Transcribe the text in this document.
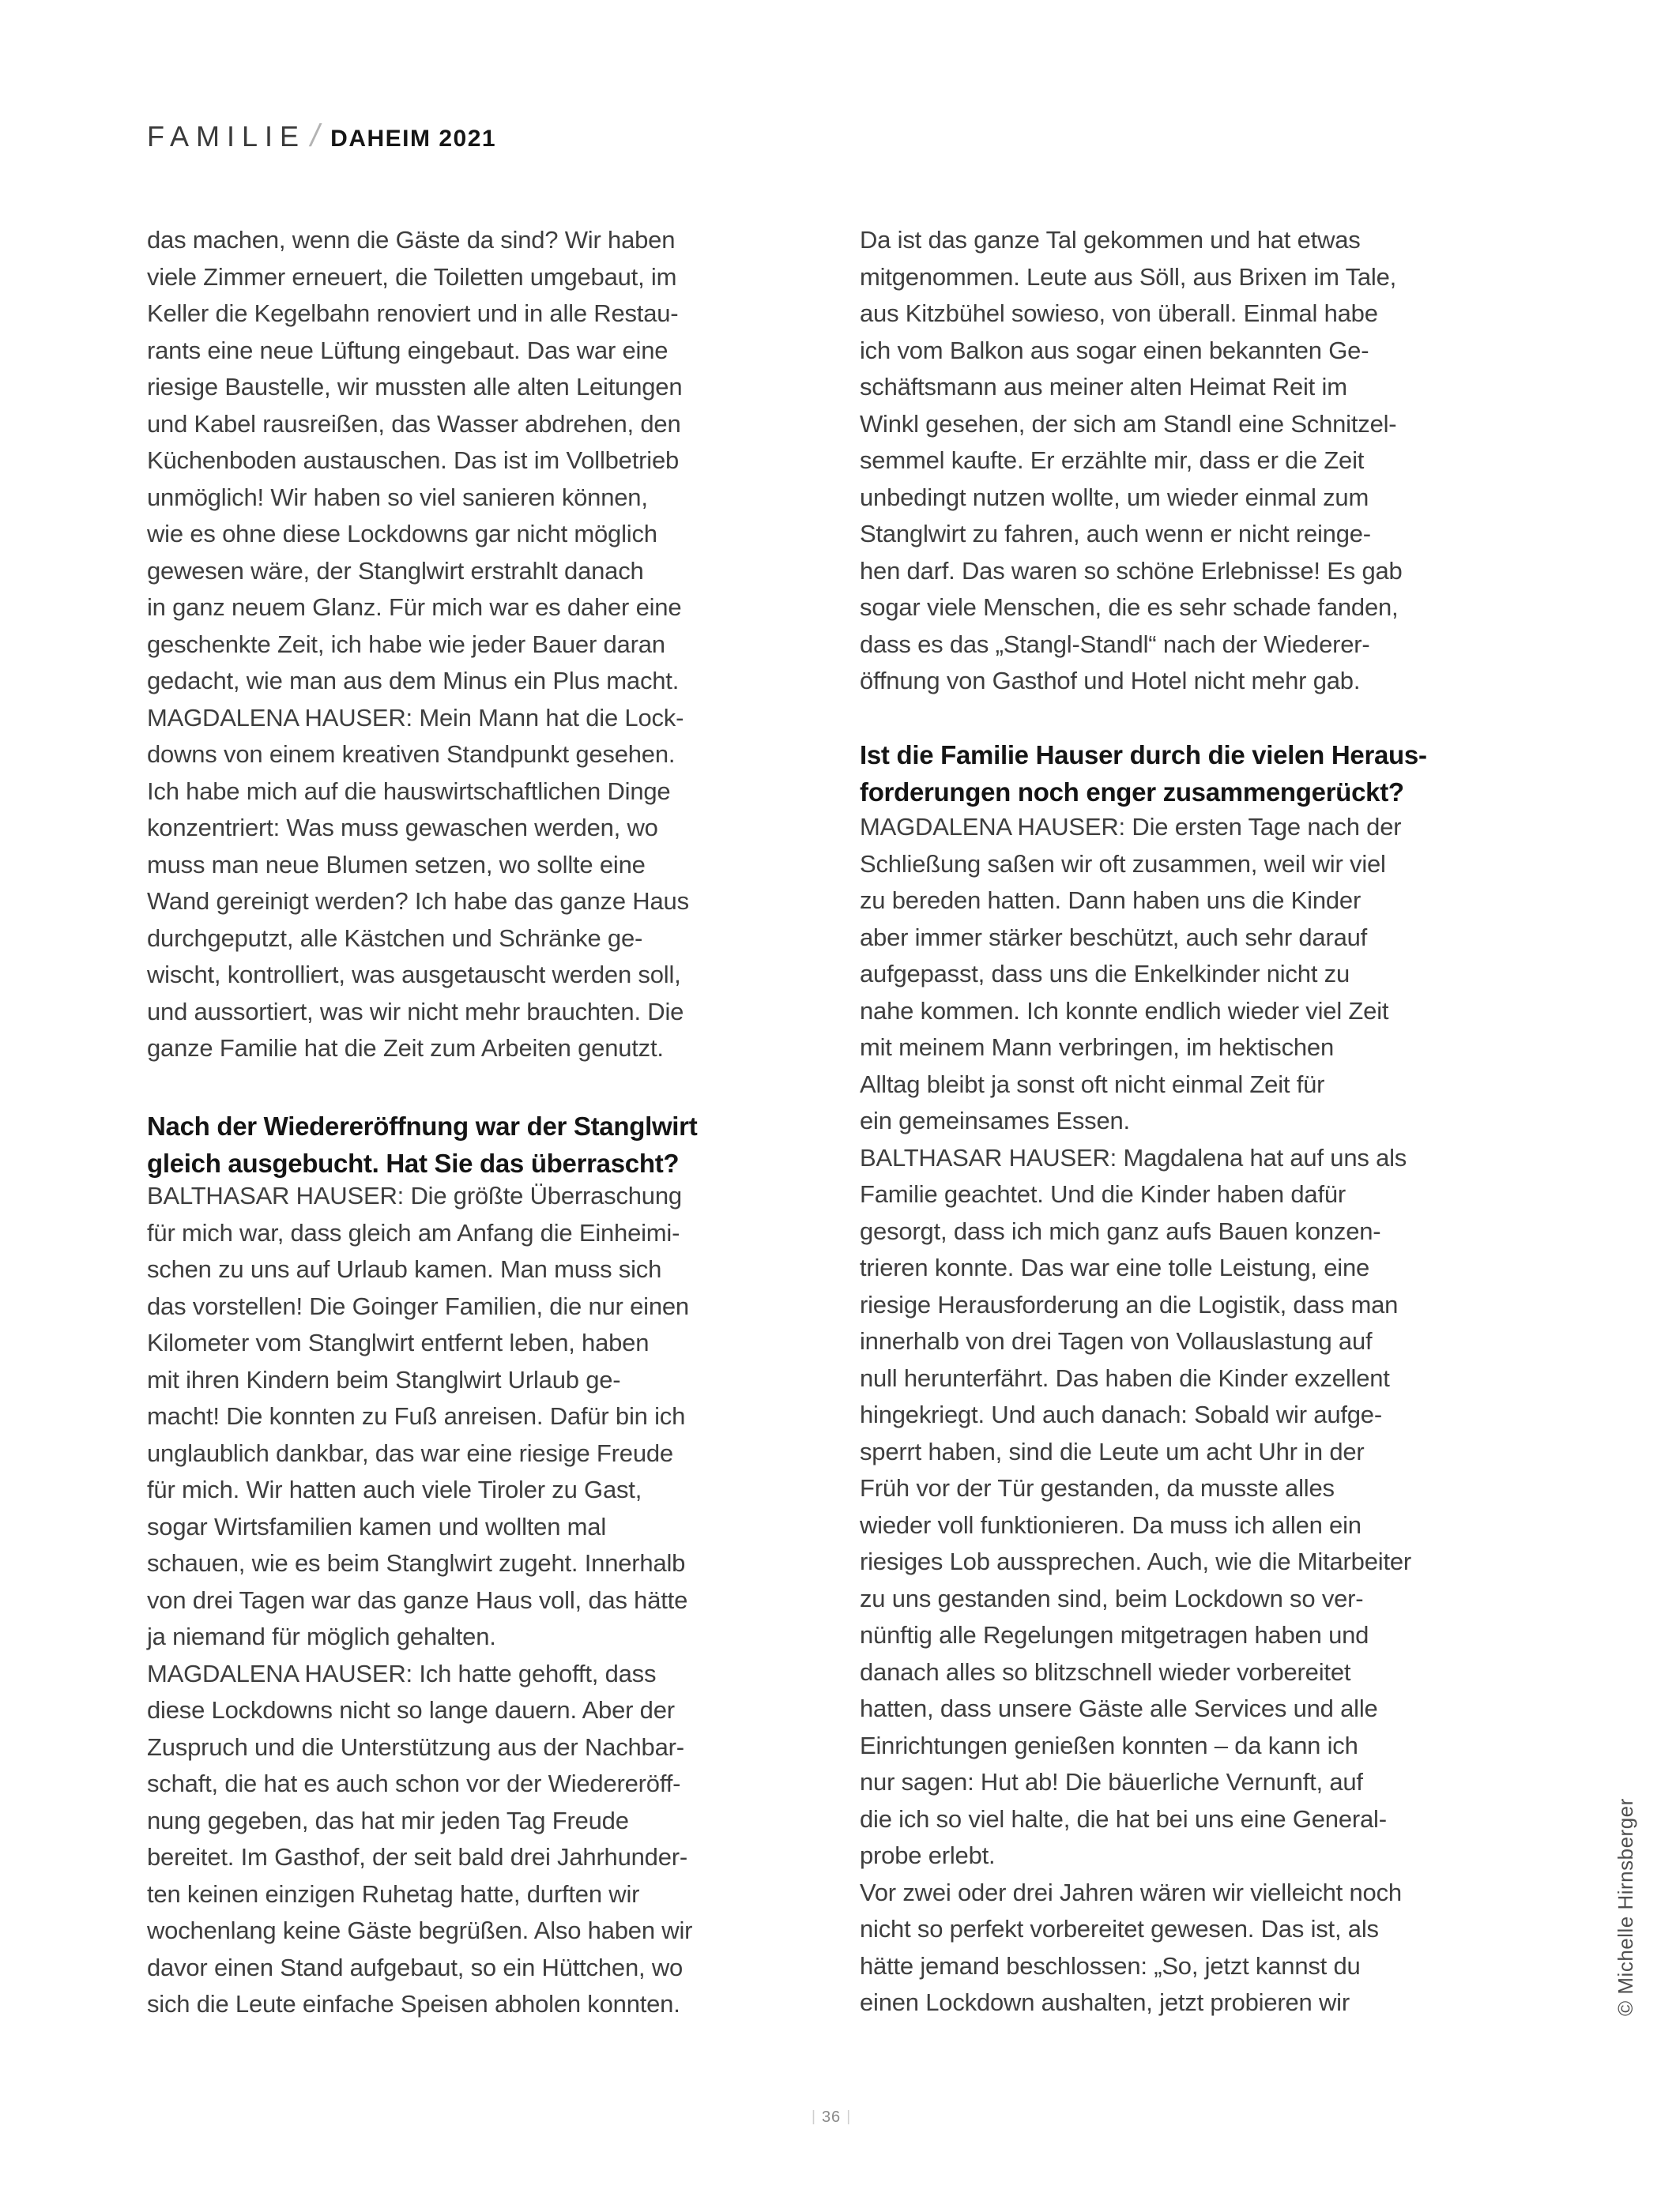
FAMILIE / DAHEIM 2021
das machen, wenn die Gäste da sind? Wir haben
viele Zimmer erneuert, die Toiletten umgebaut, im
Keller die Kegelbahn renoviert und in alle Restau-
rants eine neue Lüftung eingebaut. Das war eine
riesige Baustelle, wir mussten alle alten Leitungen
und Kabel rausreißen, das Wasser abdrehen, den
Küchenboden austauschen. Das ist im Vollbetrieb
unmöglich! Wir haben so viel sanieren können,
wie es ohne diese Lockdowns gar nicht möglich
gewesen wäre, der Stanglwirt erstrahlt danach
in ganz neuem Glanz. Für mich war es daher eine
geschenkte Zeit, ich habe wie jeder Bauer daran
gedacht, wie man aus dem Minus ein Plus macht.
MAGDALENA HAUSER: Mein Mann hat die Lock-
downs von einem kreativen Standpunkt gesehen.
Ich habe mich auf die hauswirtschaftlichen Dinge
konzentriert: Was muss gewaschen werden, wo
muss man neue Blumen setzen, wo sollte eine
Wand gereinigt werden? Ich habe das ganze Haus
durchgeputzt, alle Kästchen und Schränke ge-
wischt, kontrolliert, was ausgetauscht werden soll,
und aussortiert, was wir nicht mehr brauchten. Die
ganze Familie hat die Zeit zum Arbeiten genutzt.
Nach der Wiedereröffnung war der Stanglwirt
gleich ausgebucht. Hat Sie das überrascht?
BALTHASAR HAUSER: Die größte Überraschung
für mich war, dass gleich am Anfang die Einheimi-
schen zu uns auf Urlaub kamen. Man muss sich
das vorstellen! Die Goinger Familien, die nur einen
Kilometer vom Stanglwirt entfernt leben, haben
mit ihren Kindern beim Stanglwirt Urlaub ge-
macht! Die konnten zu Fuß anreisen. Dafür bin ich
unglaublich dankbar, das war eine riesige Freude
für mich. Wir hatten auch viele Tiroler zu Gast,
sogar Wirtsfamilien kamen und wollten mal
schauen, wie es beim Stanglwirt zugeht. Innerhalb
von drei Tagen war das ganze Haus voll, das hätte
ja niemand für möglich gehalten.
MAGDALENA HAUSER: Ich hatte gehofft, dass
diese Lockdowns nicht so lange dauern. Aber der
Zuspruch und die Unterstützung aus der Nachbar-
schaft, die hat es auch schon vor der Wiedereröff-
nung gegeben, das hat mir jeden Tag Freude
bereitet. Im Gasthof, der seit bald drei Jahrhunder-
ten keinen einzigen Ruhetag hatte, durften wir
wochenlang keine Gäste begrüßen. Also haben wir
davor einen Stand aufgebaut, so ein Hüttchen, wo
sich die Leute einfache Speisen abholen konnten.
Da ist das ganze Tal gekommen und hat etwas
mitgenommen. Leute aus Söll, aus Brixen im Tale,
aus Kitzbühel sowieso, von überall. Einmal habe
ich vom Balkon aus sogar einen bekannten Ge-
schäftsmann aus meiner alten Heimat Reit im
Winkl gesehen, der sich am Standl eine Schnitzel-
semmel kaufte. Er erzählte mir, dass er die Zeit
unbedingt nutzen wollte, um wieder einmal zum
Stanglwirt zu fahren, auch wenn er nicht reinge-
hen darf. Das waren so schöne Erlebnisse! Es gab
sogar viele Menschen, die es sehr schade fanden,
dass es das „Stangl-Standl“ nach der Wiederer-
öffnung von Gasthof und Hotel nicht mehr gab.
Ist die Familie Hauser durch die vielen Heraus-
forderungen noch enger zusammengerückt?
MAGDALENA HAUSER: Die ersten Tage nach der
Schließung saßen wir oft zusammen, weil wir viel
zu bereden hatten. Dann haben uns die Kinder
aber immer stärker beschützt, auch sehr darauf
aufgepasst, dass uns die Enkelkinder nicht zu
nahe kommen. Ich konnte endlich wieder viel Zeit
mit meinem Mann verbringen, im hektischen
Alltag bleibt ja sonst oft nicht einmal Zeit für
ein gemeinsames Essen.
BALTHASAR HAUSER: Magdalena hat auf uns als
Familie geachtet. Und die Kinder haben dafür
gesorgt, dass ich mich ganz aufs Bauen konzen-
trieren konnte. Das war eine tolle Leistung, eine
riesige Herausforderung an die Logistik, dass man
innerhalb von drei Tagen von Vollauslastung auf
null herunterfährt. Das haben die Kinder exzellent
hingekriegt. Und auch danach: Sobald wir aufge-
sperrt haben, sind die Leute um acht Uhr in der
Früh vor der Tür gestanden, da musste alles
wieder voll funktionieren. Da muss ich allen ein
riesiges Lob aussprechen. Auch, wie die Mitarbeiter
zu uns gestanden sind, beim Lockdown so ver-
nünftig alle Regelungen mitgetragen haben und
danach alles so blitzschnell wieder vorbereitet
hatten, dass unsere Gäste alle Services und alle
Einrichtungen genießen konnten – da kann ich
nur sagen: Hut ab! Die bäuerliche Vernunft, auf
die ich so viel halte, die hat bei uns eine General-
probe erlebt.
Vor zwei oder drei Jahren wären wir vielleicht noch
nicht so perfekt vorbereitet gewesen. Das ist, als
hätte jemand beschlossen: „So, jetzt kannst du
einen Lockdown aushalten, jetzt probieren wir
| 36 |
© Michelle Hirnsberger
